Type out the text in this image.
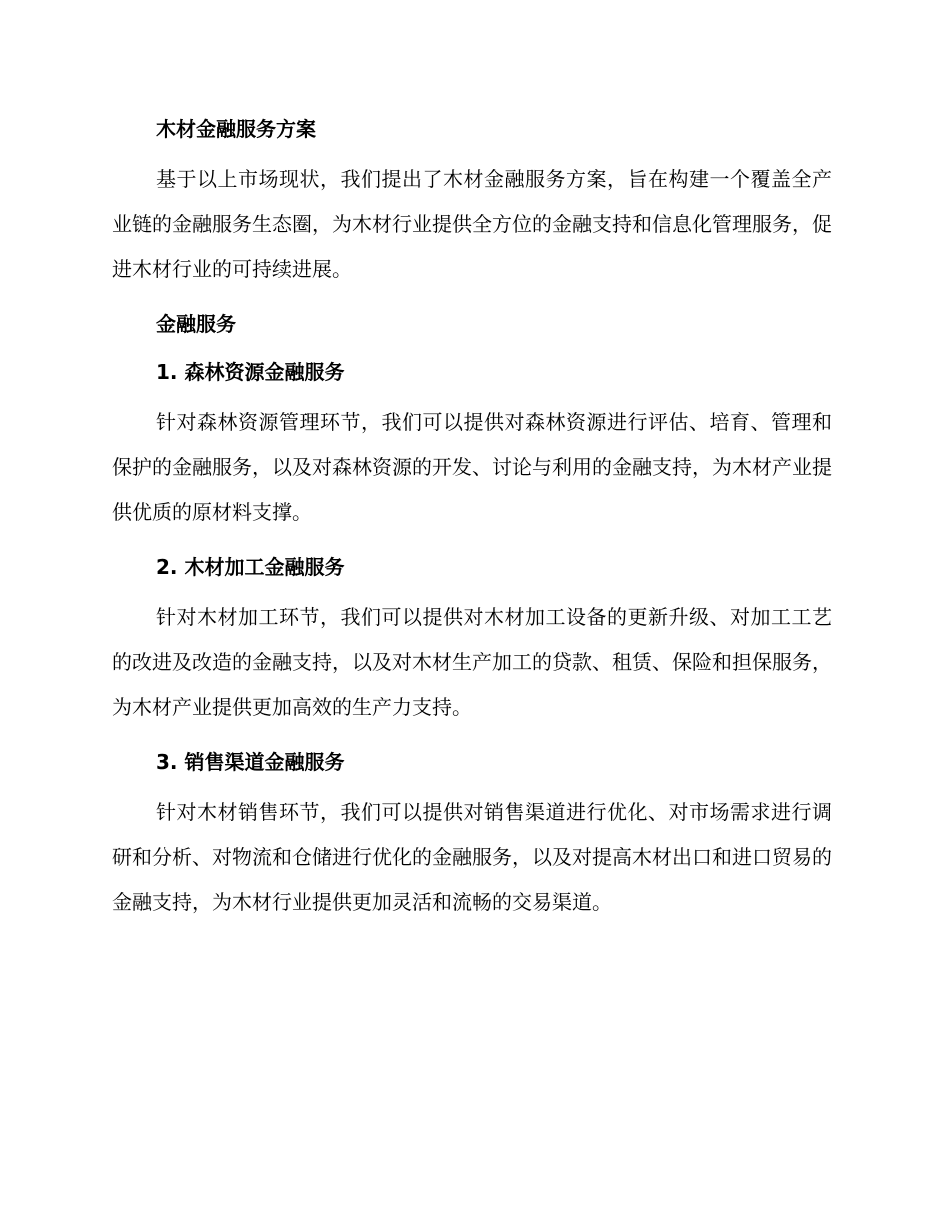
木材金融服务方案

基于以上市场现状，我们提出了木材金融服务方案，旨在构建一个覆盖全产业链的金融服务生态圈，为木材行业提供全方位的金融支持和信息化管理服务，促进木材行业的可持续进展。

金融服务

1. 森林资源金融服务

针对森林资源管理环节，我们可以提供对森林资源进行评估、培育、管理和保护的金融服务，以及对森林资源的开发、讨论与利用的金融支持，为木材产业提供优质的原材料支撑。

2. 木材加工金融服务

针对木材加工环节，我们可以提供对木材加工设备的更新升级、对加工工艺的改进及改造的金融支持，以及对木材生产加工的贷款、租赁、保险和担保服务，为木材产业提供更加高效的生产力支持。

3. 销售渠道金融服务

针对木材销售环节，我们可以提供对销售渠道进行优化、对市场需求进行调研和分析、对物流和仓储进行优化的金融服务，以及对提高木材出口和进口贸易的金融支持，为木材行业提供更加灵活和流畅的交易渠道。
